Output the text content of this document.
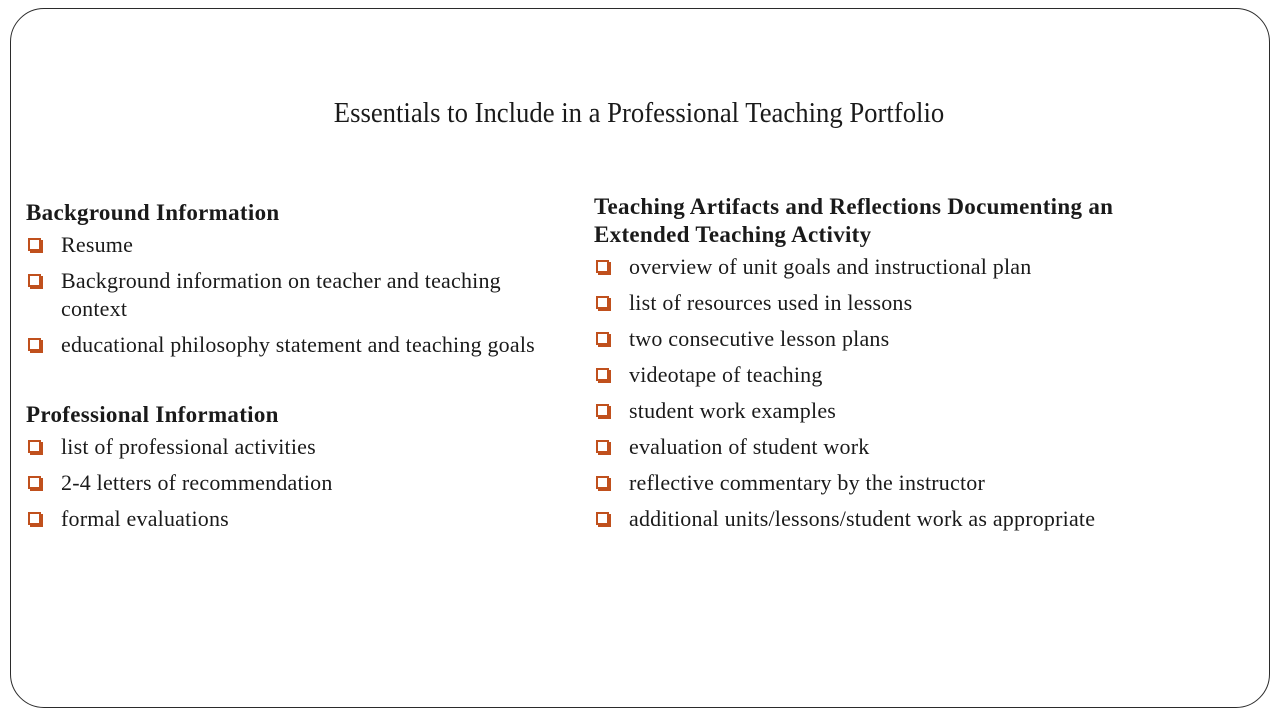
Essentials to Include in a Professional Teaching Portfolio
Background Information
Resume
Background information on teacher and teaching context
educational philosophy statement and teaching goals
Professional Information
list of professional activities
2-4 letters of recommendation
formal evaluations
Teaching Artifacts and Reflections Documenting an Extended Teaching Activity
overview of unit goals and instructional plan
list of resources used in lessons
two consecutive lesson plans
videotape of teaching
student work examples
evaluation of student work
reflective commentary by the instructor
additional units/lessons/student work as appropriate
